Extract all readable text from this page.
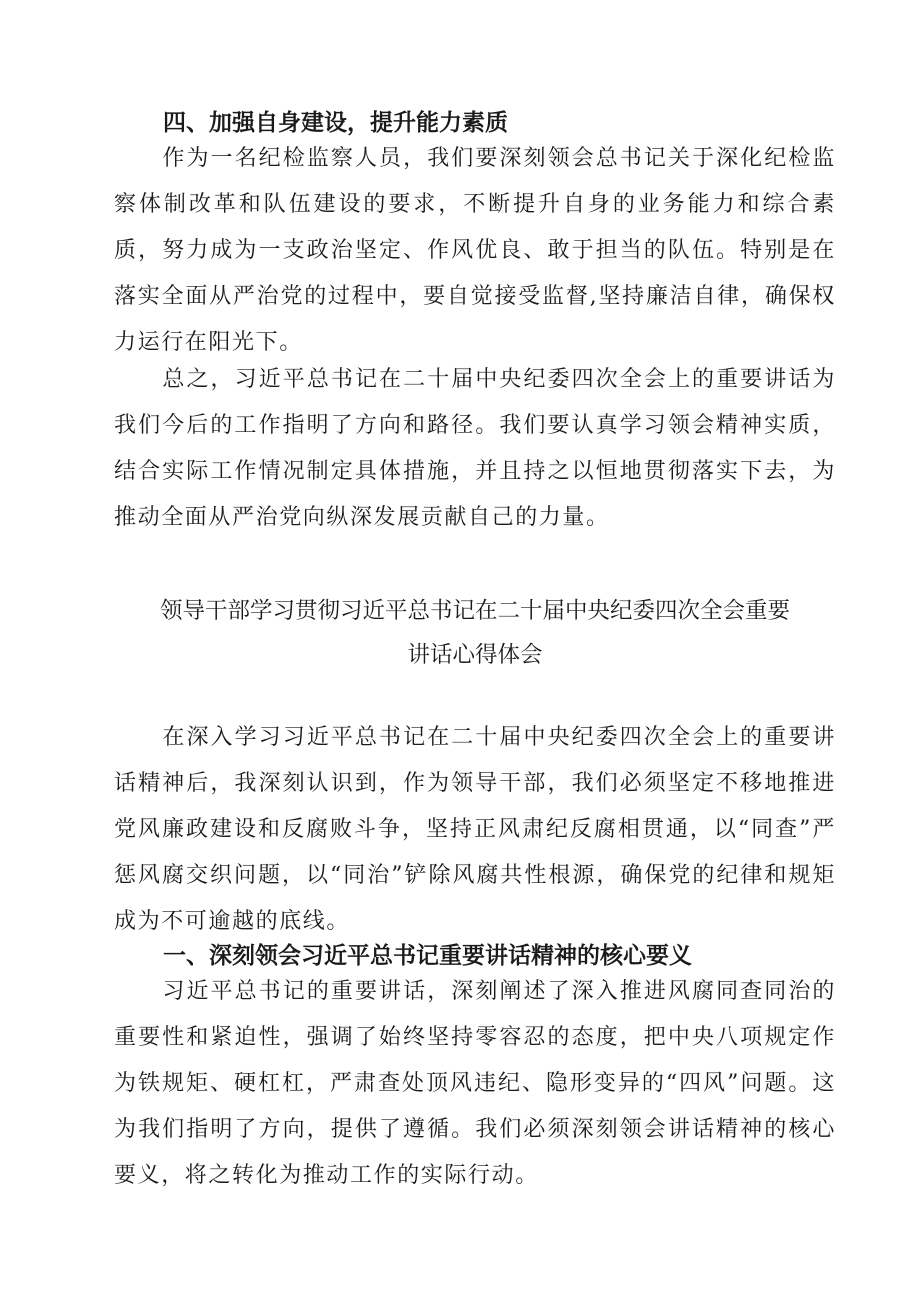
四、加强自身建设，提升能力素质

作为一名纪检监察人员，我们要深刻领会总书记关于深化纪检监察体制改革和队伍建设的要求，不断提升自身的业务能力和综合素质，努力成为一支政治坚定、作风优良、敢于担当的队伍。特别是在落实全面从严治党的过程中，要自觉接受监督,坚持廉洁自律，确保权力运行在阳光下。

总之，习近平总书记在二十届中央纪委四次全会上的重要讲话为我们今后的工作指明了方向和路径。我们要认真学习领会精神实质，结合实际工作情况制定具体措施，并且持之以恒地贯彻落实下去，为推动全面从严治党向纵深发展贡献自己的力量。

领导干部学习贯彻习近平总书记在二十届中央纪委四次全会重要
讲话心得体会

在深入学习习近平总书记在二十届中央纪委四次全会上的重要讲话精神后，我深刻认识到，作为领导干部，我们必须坚定不移地推进党风廉政建设和反腐败斗争，坚持正风肃纪反腐相贯通，以“同查”严惩风腐交织问题，以“同治”铲除风腐共性根源，确保党的纪律和规矩成为不可逾越的底线。

一、深刻领会习近平总书记重要讲话精神的核心要义

习近平总书记的重要讲话，深刻阐述了深入推进风腐同查同治的重要性和紧迫性，强调了始终坚持零容忍的态度，把中央八项规定作为铁规矩、硬杠杠，严肃查处顶风违纪、隐形变异的“四风”问题。这为我们指明了方向，提供了遵循。我们必须深刻领会讲话精神的核心要义，将之转化为推动工作的实际行动。
